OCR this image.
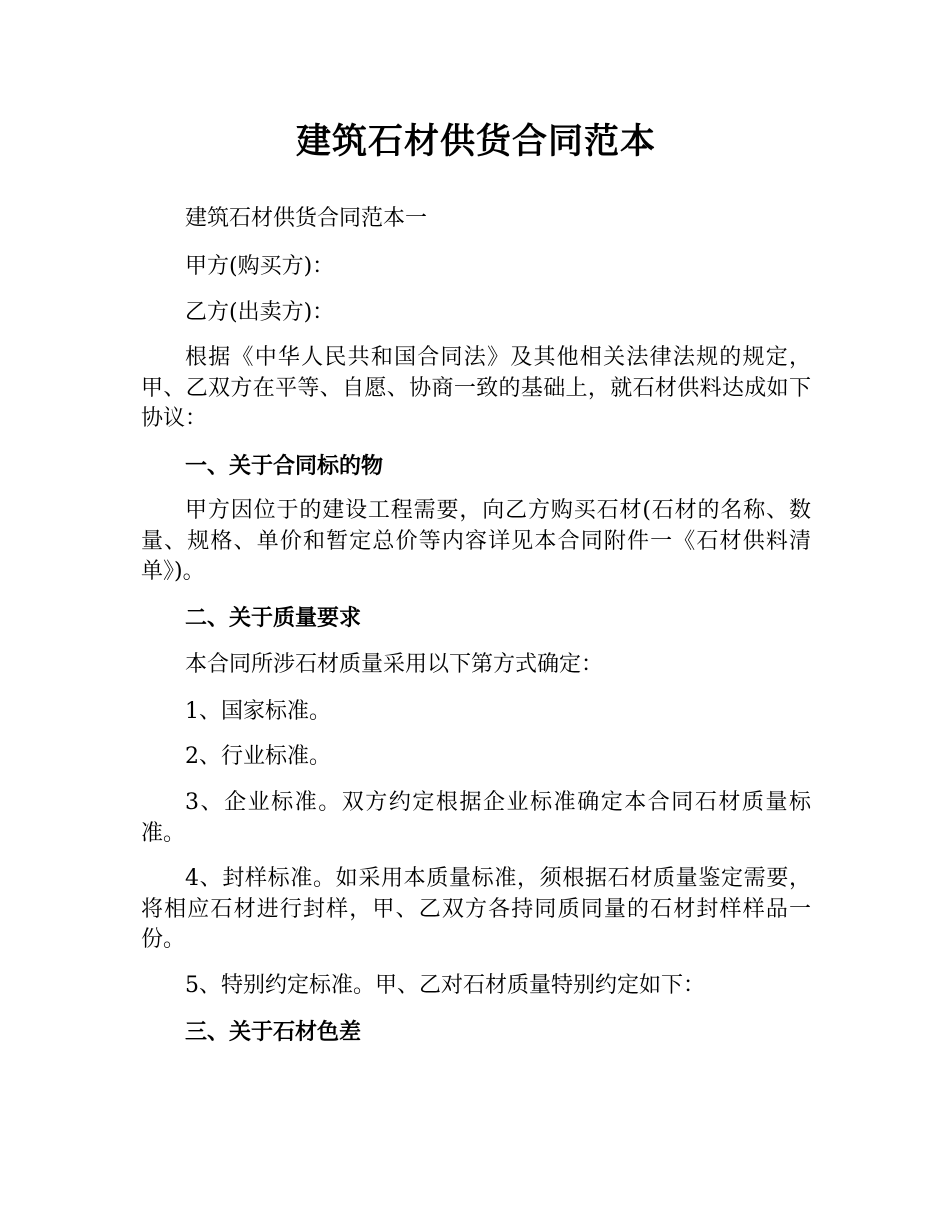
建筑石材供货合同范本

建筑石材供货合同范本一

甲方(购买方)：

乙方(出卖方)：

根据《中华人民共和国合同法》及其他相关法律法规的规定，甲、乙双方在平等、自愿、协商一致的基础上，就石材供料达成如下协议：

一、关于合同标的物

甲方因位于的建设工程需要，向乙方购买石材(石材的名称、数量、规格、单价和暂定总价等内容详见本合同附件一《石材供料清单》)。

二、关于质量要求

本合同所涉石材质量采用以下第方式确定：

1、国家标准。

2、行业标准。

3、企业标准。双方约定根据企业标准确定本合同石材质量标准。

4、封样标准。如采用本质量标准，须根据石材质量鉴定需要，将相应石材进行封样，甲、乙双方各持同质同量的石材封样样品一份。

5、特别约定标准。甲、乙对石材质量特别约定如下：

三、关于石材色差
